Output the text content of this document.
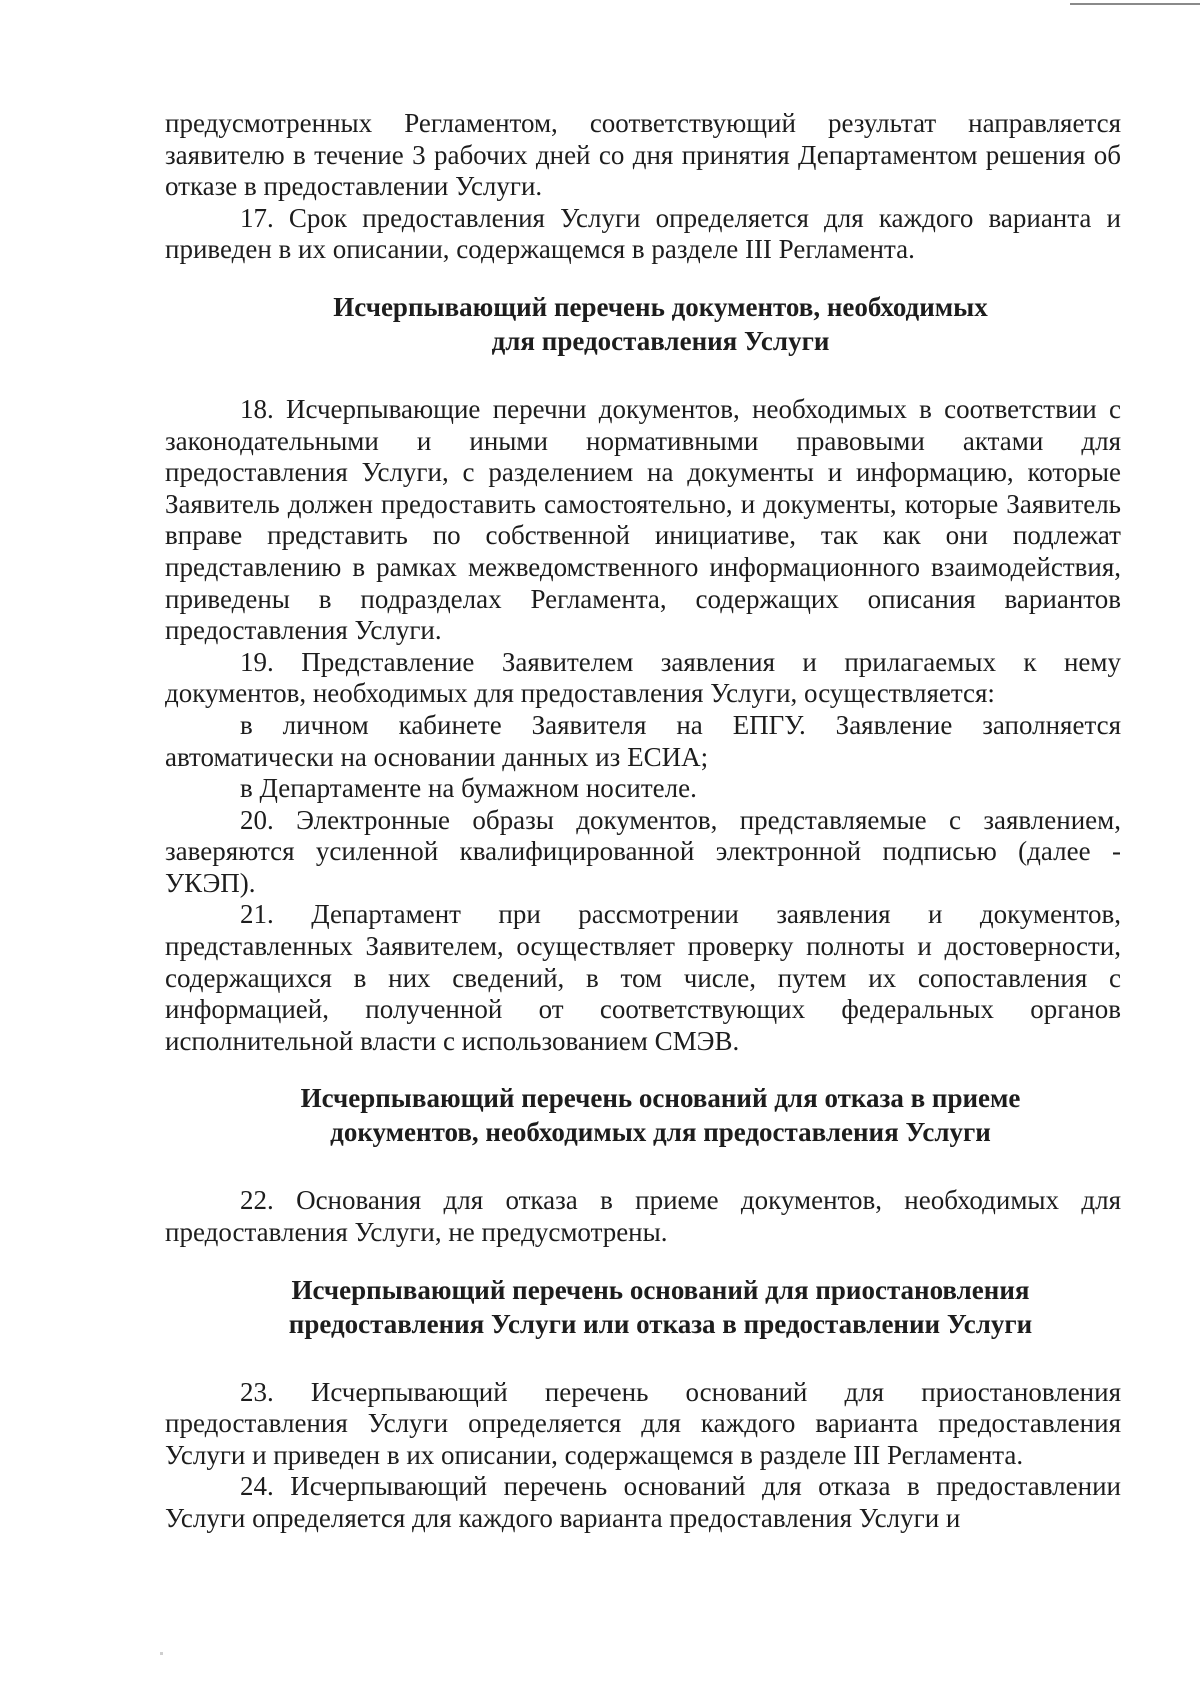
предусмотренных Регламентом, соответствующий результат направляется заявителю в течение 3 рабочих дней со дня принятия Департаментом решения об отказе в предоставлении Услуги.

17. Срок предоставления Услуги определяется для каждого варианта и приведен в их описании, содержащемся в разделе III Регламента.

Исчерпывающий перечень документов, необходимых
для предоставления Услуги

18. Исчерпывающие перечни документов, необходимых в соответствии с законодательными и иными нормативными правовыми актами для предоставления Услуги, с разделением на документы и информацию, которые Заявитель должен предоставить самостоятельно, и документы, которые Заявитель вправе представить по собственной инициативе, так как они подлежат представлению в рамках межведомственного информационного взаимодействия, приведены в подразделах Регламента, содержащих описания вариантов предоставления Услуги.

19. Представление Заявителем заявления и прилагаемых к нему документов, необходимых для предоставления Услуги, осуществляется:

в личном кабинете Заявителя на ЕПГУ. Заявление заполняется автоматически на основании данных из ЕСИА;

в Департаменте на бумажном носителе.

20. Электронные образы документов, представляемые с заявлением, заверяются усиленной квалифицированной электронной подписью (далее - УКЭП).

21. Департамент при рассмотрении заявления и документов, представленных Заявителем, осуществляет проверку полноты и достоверности, содержащихся в них сведений, в том числе, путем их сопоставления с информацией, полученной от соответствующих федеральных органов исполнительной власти с использованием СМЭВ.

Исчерпывающий перечень оснований для отказа в приеме
документов, необходимых для предоставления Услуги

22. Основания для отказа в приеме документов, необходимых для предоставления Услуги, не предусмотрены.

Исчерпывающий перечень оснований для приостановления
предоставления Услуги или отказа в предоставлении Услуги

23. Исчерпывающий перечень оснований для приостановления предоставления Услуги определяется для каждого варианта предоставления Услуги и приведен в их описании, содержащемся в разделе III Регламента.

24. Исчерпывающий перечень оснований для отказа в предоставлении Услуги определяется для каждого варианта предоставления Услуги и
